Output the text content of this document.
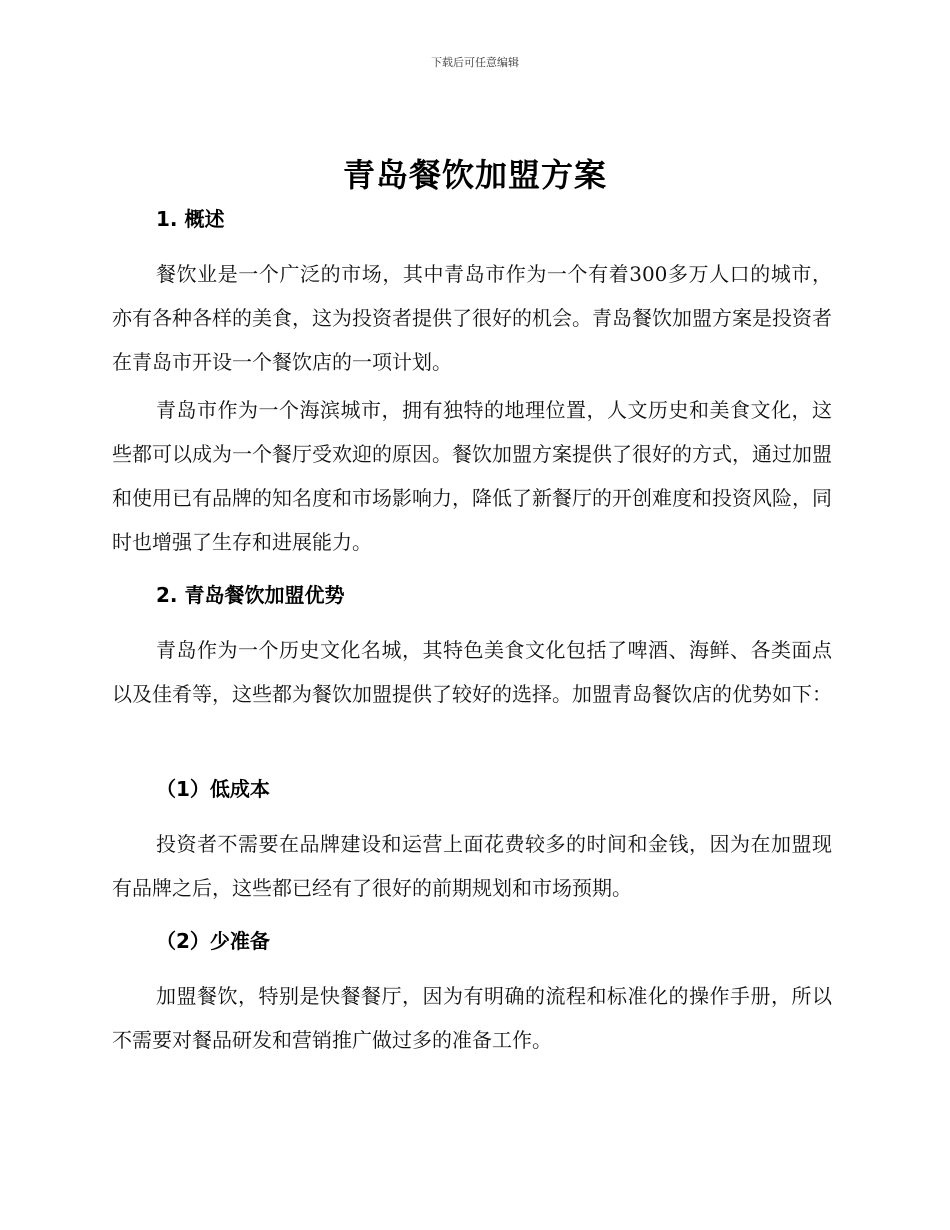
下载后可任意编辑
青岛餐饮加盟方案
1. 概述

餐饮业是一个广泛的市场，其中青岛市作为一个有着300多万人口的城市，亦有各种各样的美食，这为投资者提供了很好的机会。青岛餐饮加盟方案是投资者在青岛市开设一个餐饮店的一项计划。

青岛市作为一个海滨城市，拥有独特的地理位置，人文历史和美食文化，这些都可以成为一个餐厅受欢迎的原因。餐饮加盟方案提供了很好的方式，通过加盟和使用已有品牌的知名度和市场影响力，降低了新餐厅的开创难度和投资风险，同时也增强了生存和进展能力。

2. 青岛餐饮加盟优势

青岛作为一个历史文化名城，其特色美食文化包括了啤酒、海鲜、各类面点以及佳肴等，这些都为餐饮加盟提供了较好的选择。加盟青岛餐饮店的优势如下：

（1）低成本

投资者不需要在品牌建设和运营上面花费较多的时间和金钱，因为在加盟现有品牌之后，这些都已经有了很好的前期规划和市场预期。

（2）少准备

加盟餐饮，特别是快餐餐厅，因为有明确的流程和标准化的操作手册，所以不需要对餐品研发和营销推广做过多的准备工作。
